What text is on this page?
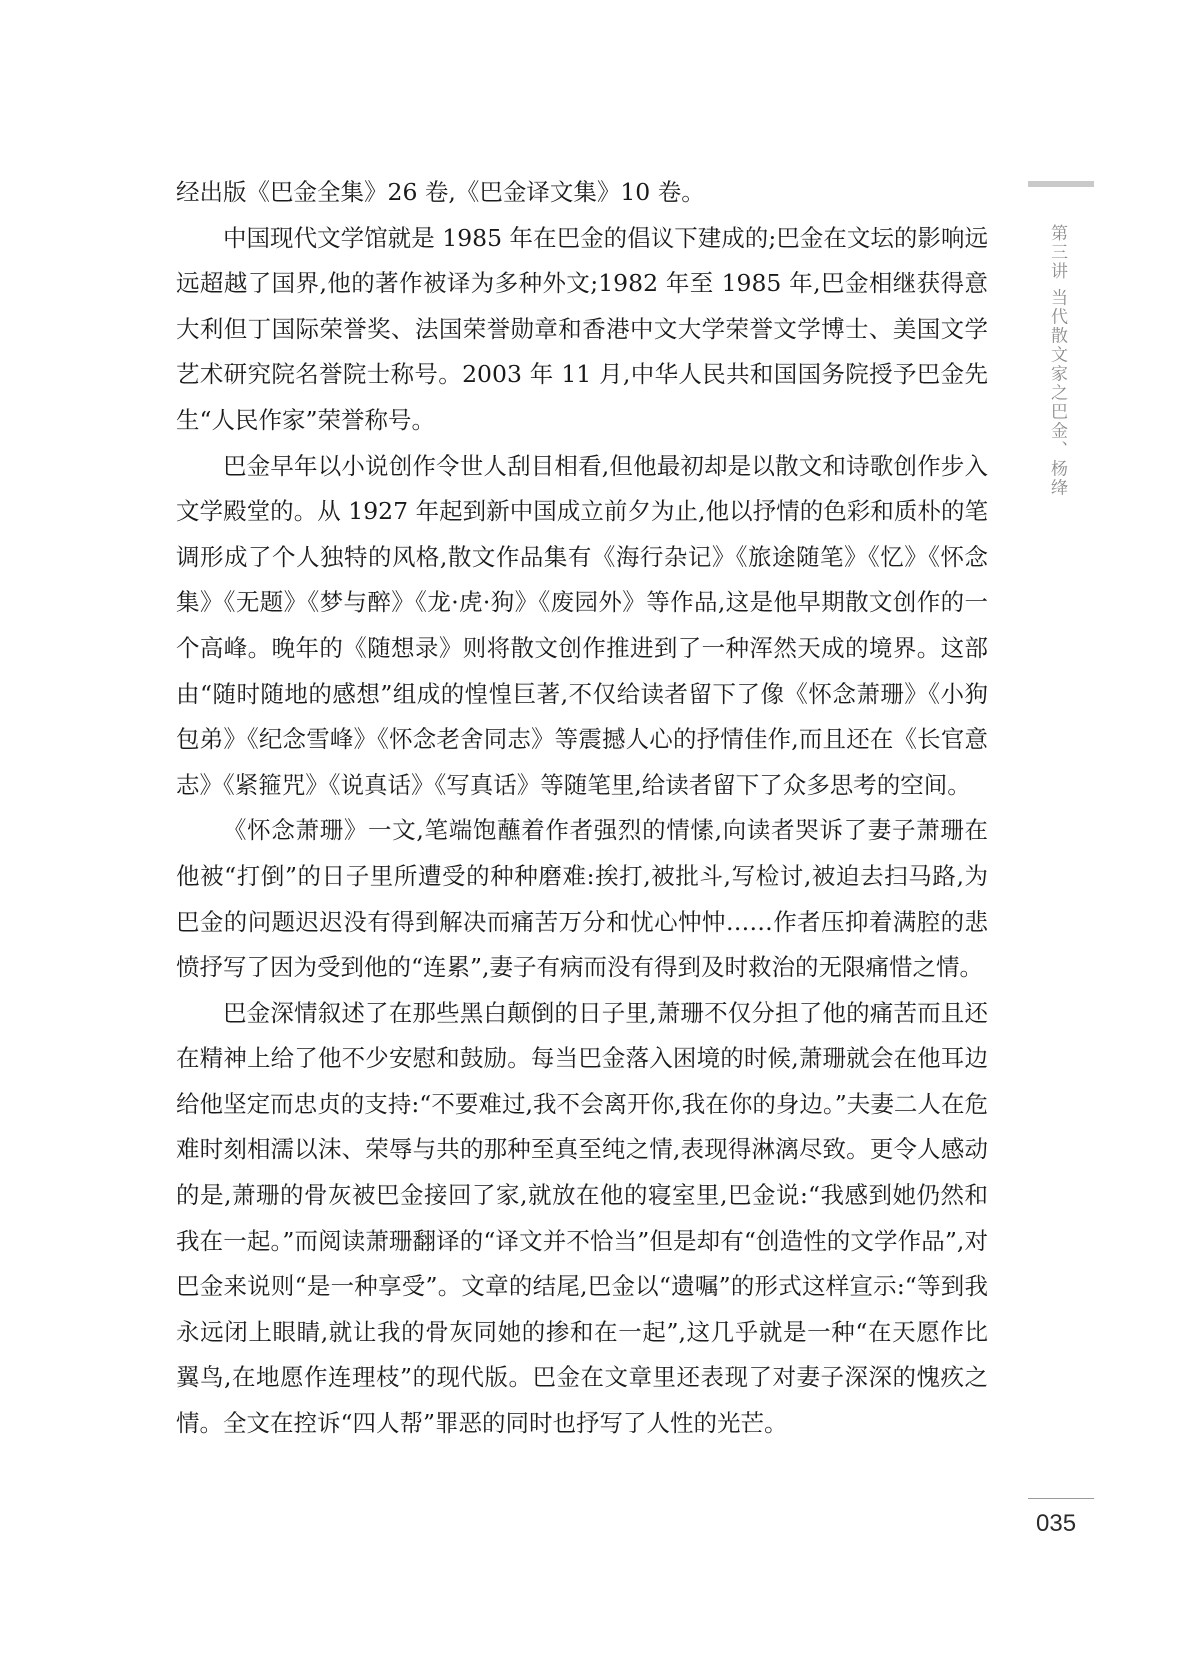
经出版《巴金全集》26 卷,《巴金译文集》10 卷。

中国现代文学馆就是 1985 年在巴金的倡议下建成的;巴金在文坛的影响远远超越了国界,他的著作被译为多种外文;1982 年至 1985 年,巴金相继获得意大利但丁国际荣誉奖、法国荣誉勋章和香港中文大学荣誉文学博士、美国文学艺术研究院名誉院士称号。2003 年 11 月,中华人民共和国国务院授予巴金先生“人民作家”荣誉称号。

巴金早年以小说创作令世人刮目相看,但他最初却是以散文和诗歌创作步入文学殿堂的。从 1927 年起到新中国成立前夕为止,他以抒情的色彩和质朴的笔调形成了个人独特的风格,散文作品集有《海行杂记》《旅途随笔》《忆》《怀念集》《无题》《梦与醉》《龙·虎·狗》《废园外》等作品,这是他早期散文创作的一个高峰。晚年的《随想录》则将散文创作推进到了一种浑然天成的境界。这部由“随时随地的感想”组成的惶惶巨著,不仅给读者留下了像《怀念萧珊》《小狗包弟》《纪念雪峰》《怀念老舍同志》等震撼人心的抒情佳作,而且还在《长官意志》《紧箍咒》《说真话》《写真话》等随笔里,给读者留下了众多思考的空间。

《怀念萧珊》一文,笔端饱蘸着作者强烈的情愫,向读者哭诉了妻子萧珊在他被“打倒”的日子里所遭受的种种磨难:挨打,被批斗,写检讨,被迫去扫马路,为巴金的问题迟迟没有得到解决而痛苦万分和忧心忡忡……作者压抑着满腔的悲愤抒写了因为受到他的“连累”,妻子有病而没有得到及时救治的无限痛惜之情。

巴金深情叙述了在那些黑白颠倒的日子里,萧珊不仅分担了他的痛苦而且还在精神上给了他不少安慰和鼓励。每当巴金落入困境的时候,萧珊就会在他耳边给他坚定而忠贞的支持:“不要难过,我不会离开你,我在你的身边。”夫妻二人在危难时刻相濡以沫、荣辱与共的那种至真至纯之情,表现得淋漓尽致。更令人感动的是,萧珊的骨灰被巴金接回了家,就放在他的寝室里,巴金说:“我感到她仍然和我在一起。”而阅读萧珊翻译的“译文并不恰当”但是却有“创造性的文学作品”,对巴金来说则“是一种享受”。文章的结尾,巴金以“遗嘱”的形式这样宣示:“等到我永远闭上眼睛,就让我的骨灰同她的掺和在一起”,这几乎就是一种“在天愿作比翼鸟,在地愿作连理枝”的现代版。巴金在文章里还表现了对妻子深深的愧疚之情。全文在控诉“四人帮”罪恶的同时也抒写了人性的光芒。

第三讲 当代散文家之巴金、杨绛
035
